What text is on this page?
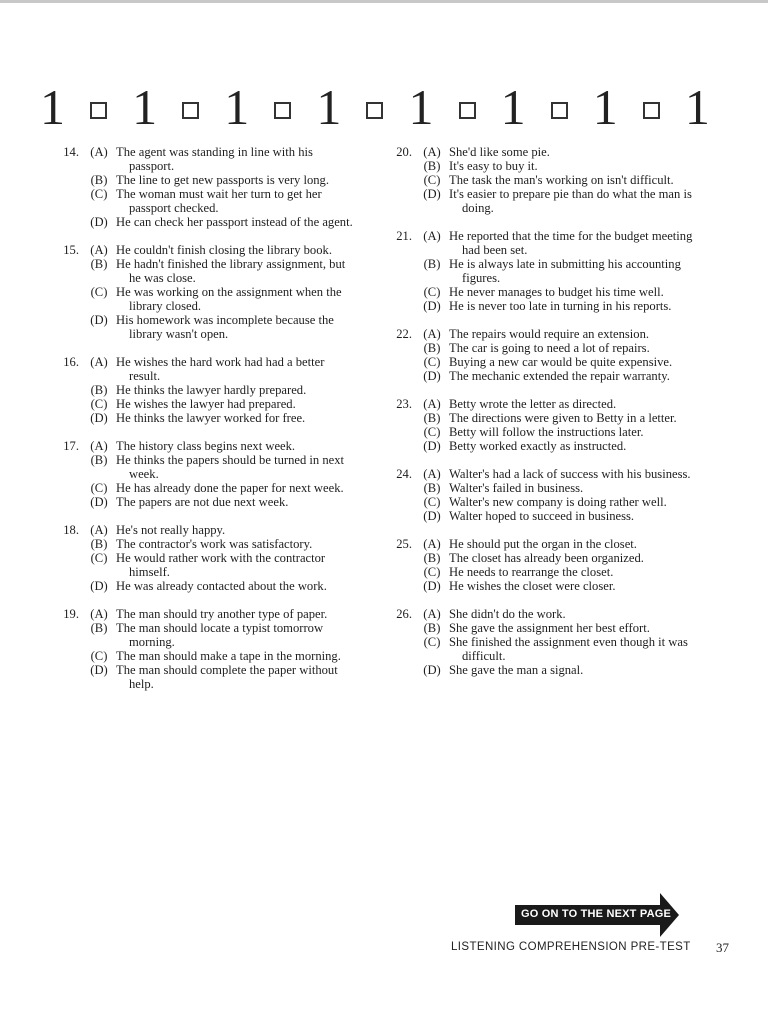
1 1 1 1 1 1 1 1
14. (A) The agent was standing in line with his passport.
(B) The line to get new passports is very long.
(C) The woman must wait her turn to get her passport checked.
(D) He can check her passport instead of the agent.
15. (A) He couldn't finish closing the library book.
(B) He hadn't finished the library assignment, but he was close.
(C) He was working on the assignment when the library closed.
(D) His homework was incomplete because the library wasn't open.
16. (A) He wishes the hard work had had a better result.
(B) He thinks the lawyer hardly prepared.
(C) He wishes the lawyer had prepared.
(D) He thinks the lawyer worked for free.
17. (A) The history class begins next week.
(B) He thinks the papers should be turned in next week.
(C) He has already done the paper for next week.
(D) The papers are not due next week.
18. (A) He's not really happy.
(B) The contractor's work was satisfactory.
(C) He would rather work with the contractor himself.
(D) He was already contacted about the work.
19. (A) The man should try another type of paper.
(B) The man should locate a typist tomorrow morning.
(C) The man should make a tape in the morning.
(D) The man should complete the paper without help.
20. (A) She'd like some pie.
(B) It's easy to buy it.
(C) The task the man's working on isn't difficult.
(D) It's easier to prepare pie than do what the man is doing.
21. (A) He reported that the time for the budget meeting had been set.
(B) He is always late in submitting his accounting figures.
(C) He never manages to budget his time well.
(D) He is never too late in turning in his reports.
22. (A) The repairs would require an extension.
(B) The car is going to need a lot of repairs.
(C) Buying a new car would be quite expensive.
(D) The mechanic extended the repair warranty.
23. (A) Betty wrote the letter as directed.
(B) The directions were given to Betty in a letter.
(C) Betty will follow the instructions later.
(D) Betty worked exactly as instructed.
24. (A) Walter's had a lack of success with his business.
(B) Walter's failed in business.
(C) Walter's new company is doing rather well.
(D) Walter hoped to succeed in business.
25. (A) He should put the organ in the closet.
(B) The closet has already been organized.
(C) He needs to rearrange the closet.
(D) He wishes the closet were closer.
26. (A) She didn't do the work.
(B) She gave the assignment her best effort.
(C) She finished the assignment even though it was difficult.
(D) She gave the man a signal.
GO ON TO THE NEXT PAGE
LISTENING COMPREHENSION PRE-TEST 37
